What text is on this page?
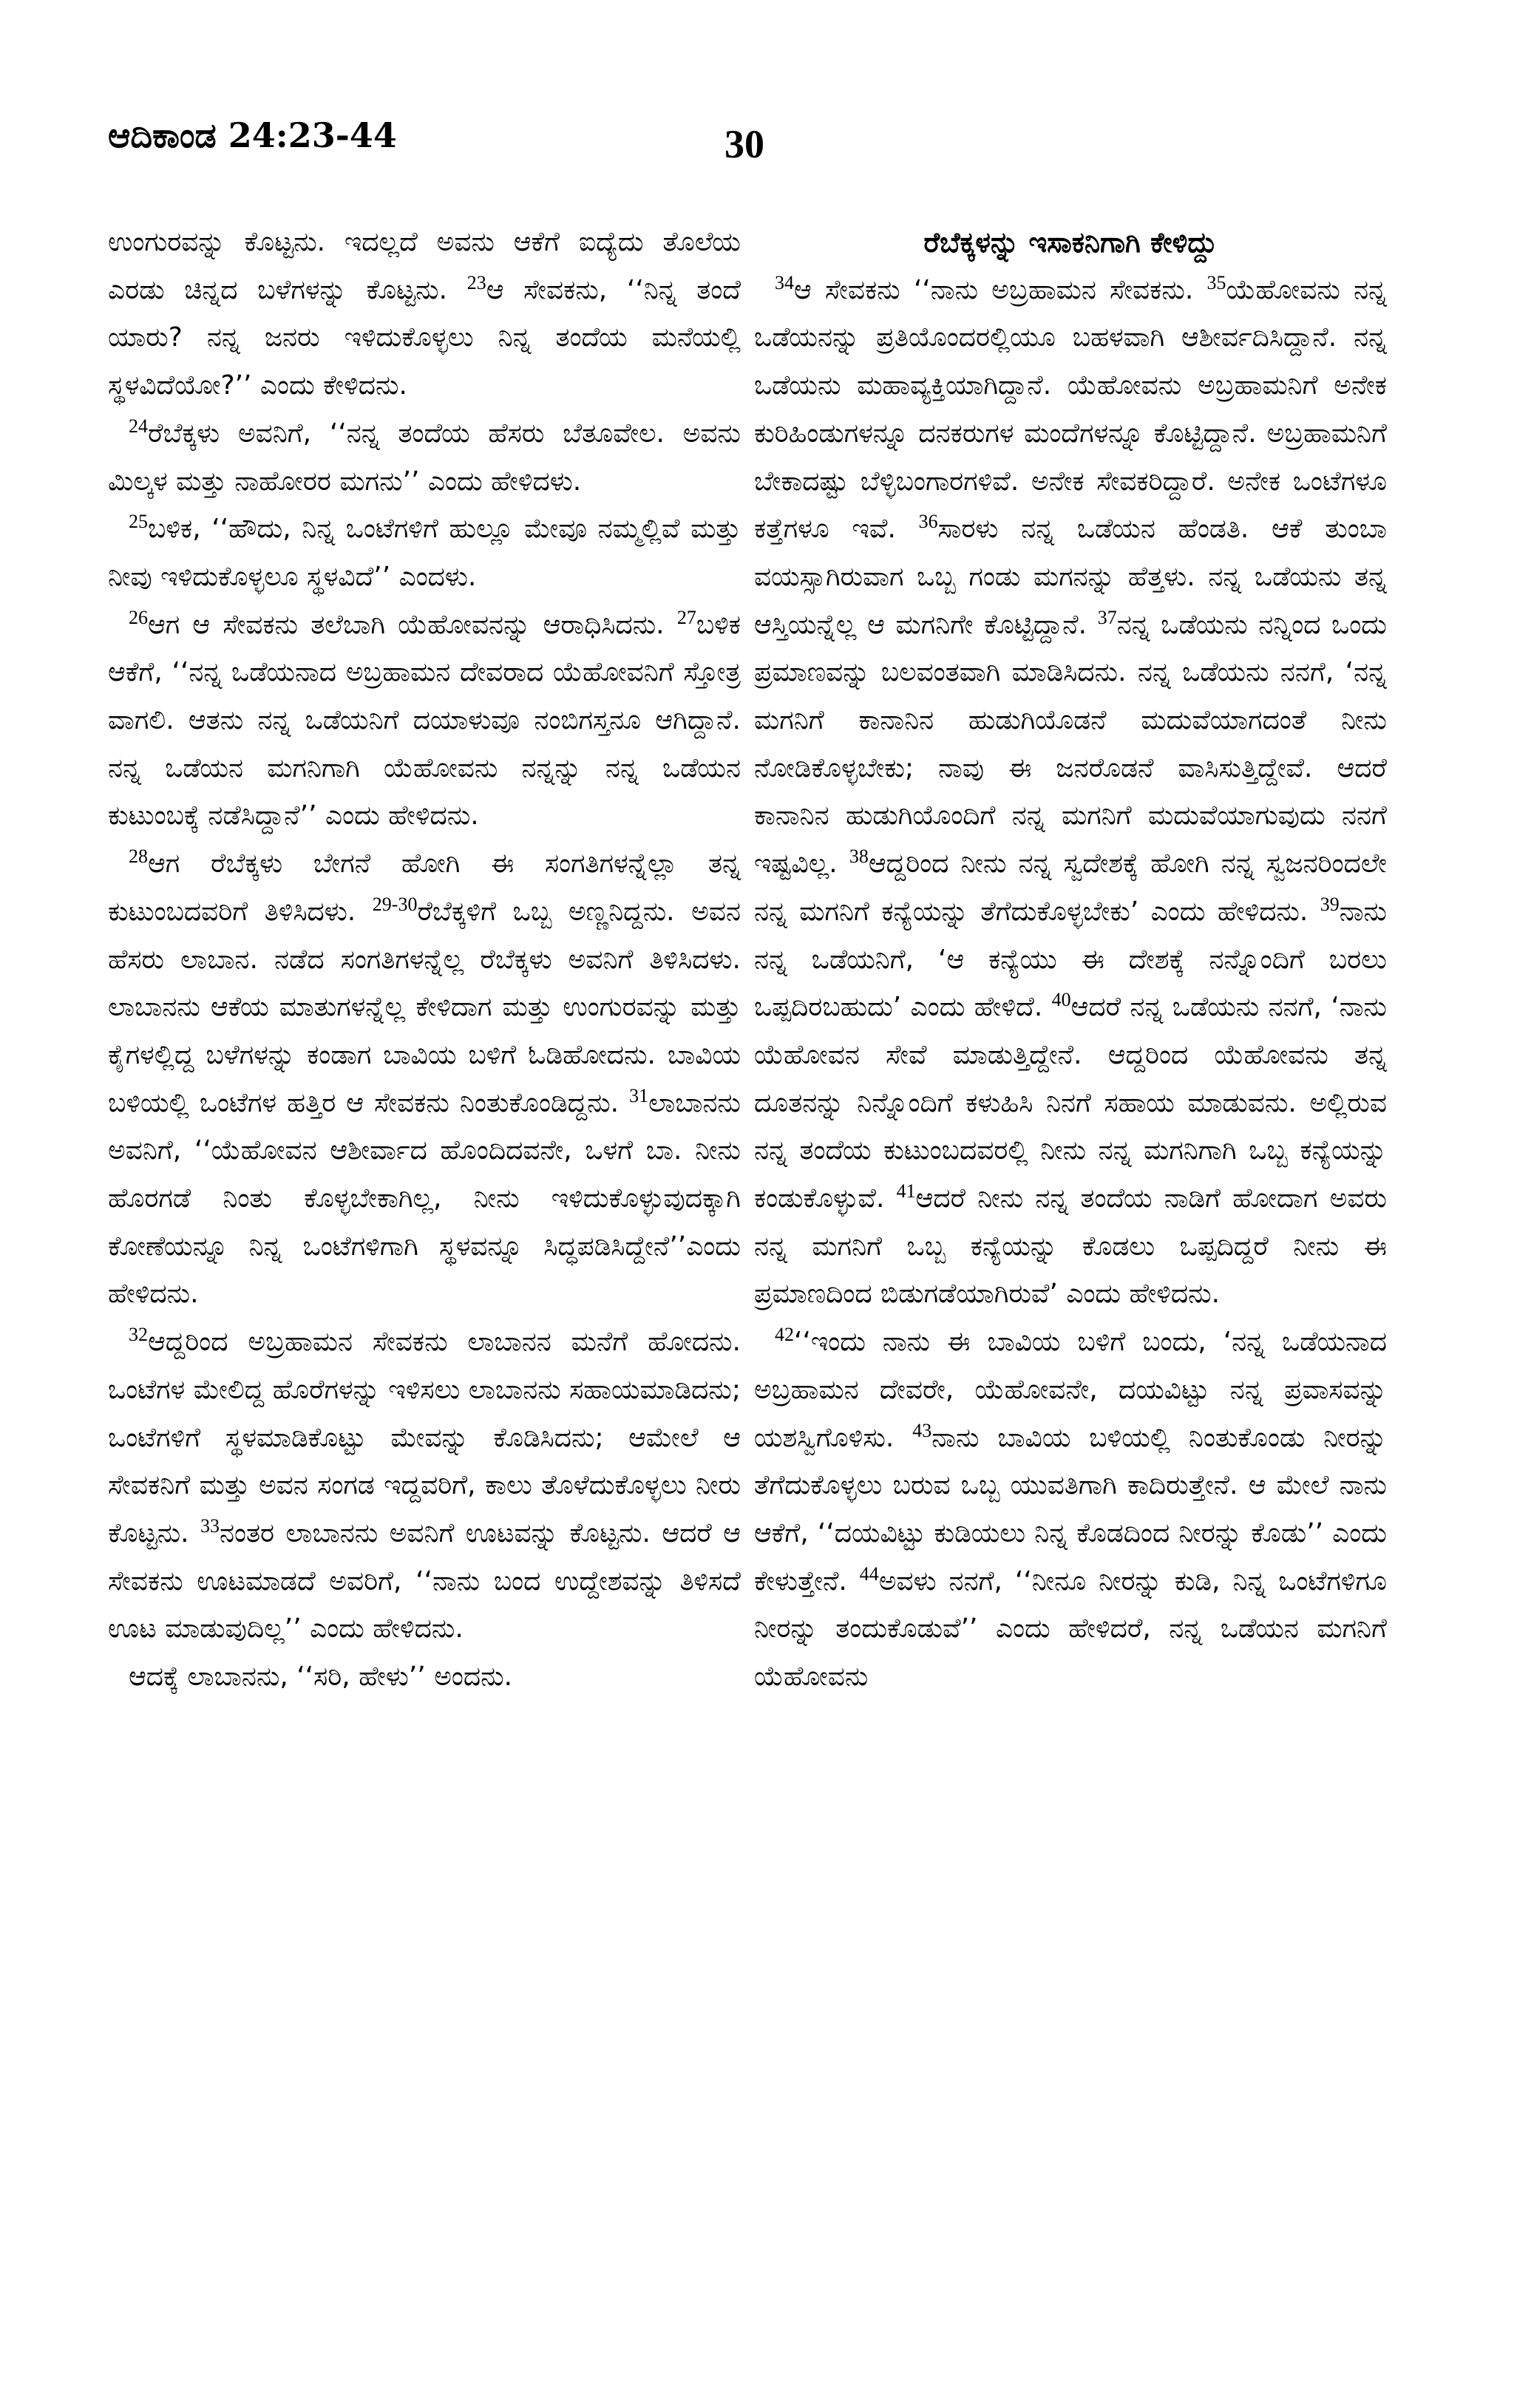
ಆದಿಕಾಂಡ 24:23-44	30

ಉಂಗುರವನ್ನು ಕೊಟ್ಟನು. ಇದಲ್ಲದೆ ಅವನು ಆಕೆಗೆ ಐದ್ಯೆದು ತೊಲೆಯ ಎರಡು ಚಿನ್ನದ ಬಳೆಗಳನ್ನು ಕೊಟ್ಟನು. $^{23}$ಆ ಸೇವಕನು, ‘‘ನಿನ್ನ ತಂದೆ ಯಾರು? ನನ್ನ ಜನರು ಇಳಿದುಕೊಳ್ಳಲು ನಿನ್ನ ತಂದೆಯ ಮನೆಯಲ್ಲಿ ಸ್ಥಳವಿದೆಯೋ?’’ ಎಂದು ಕೇಳಿದನು.

$^{24}$ರೆಬೆಕ್ಕಳು ಅವನಿಗೆ, ‘‘ನನ್ನ ತಂದೆಯ ಹೆಸರು ಬೆತೂವೇಲ. ಅವನು ಮಿಲ್ಕಳ ಮತ್ತು ನಾಹೋರರ ಮಗನು’’ ಎಂದು ಹೇಳಿದಳು.

$^{25}$ಬಳಿಕ, ‘‘ಹೌದು, ನಿನ್ನ ಒಂಟೆಗಳಿಗೆ ಹುಲ್ಲೂ ಮೇವೂ ನಮ್ಮಲ್ಲಿವೆ ಮತ್ತು ನೀವು ಇಳಿದುಕೊಳ್ಳಲೂ ಸ್ಥಳವಿದೆ’’ ಎಂದಳು.

$^{26}$ಆಗ ಆ ಸೇವಕನು ತಲೆಬಾಗಿ ಯೆಹೋವನನ್ನು ಆರಾಧಿಸಿದನು. $^{27}$ಬಳಿಕ ಆಕೆಗೆ, ‘‘ನನ್ನ ಒಡೆಯನಾದ ಅಬ್ರಹಾಮನ ದೇವರಾದ ಯೆಹೋವನಿಗೆ ಸ್ತೋತ್ರ ವಾಗಲಿ. ಆತನು ನನ್ನ ಒಡೆಯನಿಗೆ ದಯಾಳುವೂ ನಂಬಿಗಸ್ತನೂ ಆಗಿದ್ದಾನೆ. ನನ್ನ ಒಡೆಯನ ಮಗನಿಗಾಗಿ ಯೆಹೋವನು ನನ್ನನ್ನು ನನ್ನ ಒಡೆಯನ ಕುಟುಂಬಕ್ಕೆ ನಡೆಸಿದ್ದಾನೆ’’ ಎಂದು ಹೇಳಿದನು.

$^{28}$ಆಗ ರೆಬೆಕ್ಕಳು ಬೇಗನೆ ಹೋಗಿ ಈ ಸಂಗತಿಗಳನ್ನೆಲ್ಲಾ ತನ್ನ ಕುಟುಂಬದವರಿಗೆ ತಿಳಿಸಿದಳು. $^{29-30}$ರೆಬೆಕ್ಕಳಿಗೆ ಒಬ್ಬ ಅಣ್ಣನಿದ್ದನು. ಅವನ ಹೆಸರು ಲಾಬಾನ. ನಡೆದ ಸಂಗತಿಗಳನ್ನೆಲ್ಲ ರೆಬೆಕ್ಕಳು ಅವನಿಗೆ ತಿಳಿಸಿದಳು. ಲಾಬಾನನು ಆಕೆಯ ಮಾತುಗಳನ್ನೆಲ್ಲ ಕೇಳಿದಾಗ ಮತ್ತು ಉಂಗುರವನ್ನು ಮತ್ತು ಕೈಗಳಲ್ಲಿದ್ದ ಬಳೆಗಳನ್ನು ಕಂಡಾಗ ಬಾವಿಯ ಬಳಿಗೆ ಓಡಿಹೋದನು. ಬಾವಿಯ ಬಳಿಯಲ್ಲಿ ಒಂಟೆಗಳ ಹತ್ತಿರ ಆ ಸೇವಕನು ನಿಂತುಕೊಂಡಿದ್ದನು. $^{31}$ಲಾಬಾನನು ಅವನಿಗೆ, ‘‘ಯೆಹೋವನ ಆಶೀರ್ವಾದ ಹೊಂದಿದವನೇ, ಒಳಗೆ ಬಾ. ನೀನು ಹೊರಗಡೆ ನಿಂತು ಕೊಳ್ಳಬೇಕಾಗಿಲ್ಲ, ನೀನು ಇಳಿದುಕೊಳ್ಳುವುದಕ್ಕಾಗಿ ಕೋಣೆಯನ್ನೂ ನಿನ್ನ ಒಂಟೆಗಳಿಗಾಗಿ ಸ್ಥಳವನ್ನೂ ಸಿದ್ಧಪಡಿಸಿದ್ದೇನೆ’’ಎಂದು ಹೇಳಿದನು.

$^{32}$ಆದ್ದರಿಂದ ಅಬ್ರಹಾಮನ ಸೇವಕನು ಲಾಬಾನನ ಮನೆಗೆ ಹೋದನು. ಒಂಟೆಗಳ ಮೇಲಿದ್ದ ಹೊರೆಗಳನ್ನು ಇಳಿಸಲು ಲಾಬಾನನು ಸಹಾಯಮಾಡಿದನು; ಒಂಟೆಗಳಿಗೆ ಸ್ಥಳಮಾಡಿಕೊಟ್ಟು ಮೇವನ್ನು ಕೊಡಿಸಿದನು; ಆಮೇಲೆ ಆ ಸೇವಕನಿಗೆ ಮತ್ತು ಅವನ ಸಂಗಡ ಇದ್ದವರಿಗೆ, ಕಾಲು ತೊಳೆದುಕೊಳ್ಳಲು ನೀರು ಕೊಟ್ಟನು. $^{33}$ನಂತರ ಲಾಬಾನನು ಅವನಿಗೆ ಊಟವನ್ನು ಕೊಟ್ಟನು. ಆದರೆ ಆ ಸೇವಕನು ಊಟಮಾಡದೆ ಅವರಿಗೆ, ‘‘ನಾನು ಬಂದ ಉದ್ದೇಶವನ್ನು ತಿಳಿಸದೆ ಊಟ ಮಾಡುವುದಿಲ್ಲ’’ ಎಂದು ಹೇಳಿದನು.

ಆದಕ್ಕೆ ಲಾಬಾನನು, ‘‘ಸರಿ, ಹೇಳು’’ ಅಂದನು.

ರೆಬೆಕ್ಕಳನ್ನು ಇಸಾಕನಿಗಾಗಿ ಕೇಳಿದ್ದು

$^{34}$ಆ ಸೇವಕನು ‘‘ನಾನು ಅಬ್ರಹಾಮನ ಸೇವಕನು. $^{35}$ಯೆಹೋವನು ನನ್ನ ಒಡೆಯನನ್ನು ಪ್ರತಿಯೊಂದರಲ್ಲಿಯೂ ಬಹಳವಾಗಿ ಆಶೀರ್ವದಿಸಿದ್ದಾನೆ. ನನ್ನ ಒಡೆಯನು ಮಹಾವ್ಯಕ್ತಿಯಾಗಿದ್ದಾನೆ. ಯೆಹೋವನು ಅಬ್ರಹಾಮನಿಗೆ ಅನೇಕ ಕುರಿಹಿಂಡುಗಳನ್ನೂ ದನಕರುಗಳ ಮಂದೆಗಳನ್ನೂ ಕೊಟ್ಟಿದ್ದಾನೆ. ಅಬ್ರಹಾಮನಿಗೆ ಬೇಕಾದಷ್ಟು ಬೆಳ್ಳಿಬಂಗಾರಗಳಿವೆ. ಅನೇಕ ಸೇವಕರಿದ್ದಾರೆ. ಅನೇಕ ಒಂಟೆಗಳೂ ಕತ್ತೆಗಳೂ ಇವೆ. $^{36}$ಸಾರಳು ನನ್ನ ಒಡೆಯನ ಹೆಂಡತಿ. ಆಕೆ ತುಂಬಾ ವಯಸ್ಸಾಗಿರುವಾಗ ಒಬ್ಬ ಗಂಡು ಮಗನನ್ನು ಹೆತ್ತಳು. ನನ್ನ ಒಡೆಯನು ತನ್ನ ಆಸ್ತಿಯನ್ನೆಲ್ಲ ಆ ಮಗನಿಗೇ ಕೊಟ್ಟಿದ್ದಾನೆ. $^{37}$ನನ್ನ ಒಡೆಯನು ನನ್ನಿಂದ ಒಂದು ಪ್ರಮಾಣವನ್ನು ಬಲವಂತವಾಗಿ ಮಾಡಿಸಿದನು. ನನ್ನ ಒಡೆಯನು ನನಗೆ, ‘ನನ್ನ ಮಗನಿಗೆ ಕಾನಾನಿನ ಹುಡುಗಿಯೊಡನೆ ಮದುವೆಯಾಗದಂತೆ ನೀನು ನೋಡಿಕೊಳ್ಳಬೇಕು; ನಾವು ಈ ಜನರೊಡನೆ ವಾಸಿಸುತ್ತಿದ್ದೇವೆ. ಆದರೆ ಕಾನಾನಿನ ಹುಡುಗಿಯೊಂದಿಗೆ ನನ್ನ ಮಗನಿಗೆ ಮದುವೆಯಾಗುವುದು ನನಗೆ ಇಷ್ಟವಿಲ್ಲ. $^{38}$ಆದ್ದರಿಂದ ನೀನು ನನ್ನ ಸ್ವದೇಶಕ್ಕೆ ಹೋಗಿ ನನ್ನ ಸ್ವಜನರಿಂದಲೇ ನನ್ನ ಮಗನಿಗೆ ಕನ್ಯೆಯನ್ನು ತೆಗೆದುಕೊಳ್ಳಬೇಕು’ ಎಂದು ಹೇಳಿದನು. $^{39}$ನಾನು ನನ್ನ ಒಡೆಯನಿಗೆ, ‘ಆ ಕನ್ಯೆಯು ಈ ದೇಶಕ್ಕೆ ನನ್ನೊಂದಿಗೆ ಬರಲು ಒಪ್ಪದಿರಬಹುದು’ ಎಂದು ಹೇಳಿದೆ. $^{40}$ಆದರೆ ನನ್ನ ಒಡೆಯನು ನನಗೆ, ‘ನಾನು ಯೆಹೋವನ ಸೇವೆ ಮಾಡುತ್ತಿದ್ದೇನೆ. ಆದ್ದರಿಂದ ಯೆಹೋವನು ತನ್ನ ದೂತನನ್ನು ನಿನ್ನೊಂದಿಗೆ ಕಳುಹಿಸಿ ನಿನಗೆ ಸಹಾಯ ಮಾಡುವನು. ಅಲ್ಲಿರುವ ನನ್ನ ತಂದೆಯ ಕುಟುಂಬದವರಲ್ಲಿ ನೀನು ನನ್ನ ಮಗನಿಗಾಗಿ ಒಬ್ಬ ಕನ್ಯೆಯನ್ನು ಕಂಡುಕೊಳ್ಳುವೆ. $^{41}$ಆದರೆ ನೀನು ನನ್ನ ತಂದೆಯ ನಾಡಿಗೆ ಹೋದಾಗ ಅವರು ನನ್ನ ಮಗನಿಗೆ ಒಬ್ಬ ಕನ್ಯೆಯನ್ನು ಕೊಡಲು ಒಪ್ಪದಿದ್ದರೆ ನೀನು ಈ ಪ್ರಮಾಣದಿಂದ ಬಿಡುಗಡೆಯಾಗಿರುವೆ’ ಎಂದು ಹೇಳಿದನು.

$^{42}$‘‘ಇಂದು ನಾನು ಈ ಬಾವಿಯ ಬಳಿಗೆ ಬಂದು, ‘ನನ್ನ ಒಡೆಯನಾದ ಅಬ್ರಹಾಮನ ದೇವರೇ, ಯೆಹೋವನೇ, ದಯವಿಟ್ಟು ನನ್ನ ಪ್ರವಾಸವನ್ನು ಯಶಸ್ವಿಗೊಳಿಸು. $^{43}$ನಾನು ಬಾವಿಯ ಬಳಿಯಲ್ಲಿ ನಿಂತುಕೊಂಡು ನೀರನ್ನು ತೆಗೆದುಕೊಳ್ಳಲು ಬರುವ ಒಬ್ಬ ಯುವತಿಗಾಗಿ ಕಾದಿರುತ್ತೇನೆ. ಆ ಮೇಲೆ ನಾನು ಆಕೆಗೆ, ‘‘ದಯವಿಟ್ಟು ಕುಡಿಯಲು ನಿನ್ನ ಕೊಡದಿಂದ ನೀರನ್ನು ಕೊಡು’’ ಎಂದು ಕೇಳುತ್ತೇನೆ. $^{44}$ಅವಳು ನನಗೆ, ‘‘ನೀನೂ ನೀರನ್ನು ಕುಡಿ, ನಿನ್ನ ಒಂಟೆಗಳಿಗೂ ನೀರನ್ನು ತಂದುಕೊಡುವೆ’’ ಎಂದು ಹೇಳಿದರೆ, ನನ್ನ ಒಡೆಯನ ಮಗನಿಗೆ ಯೆಹೋವನು
